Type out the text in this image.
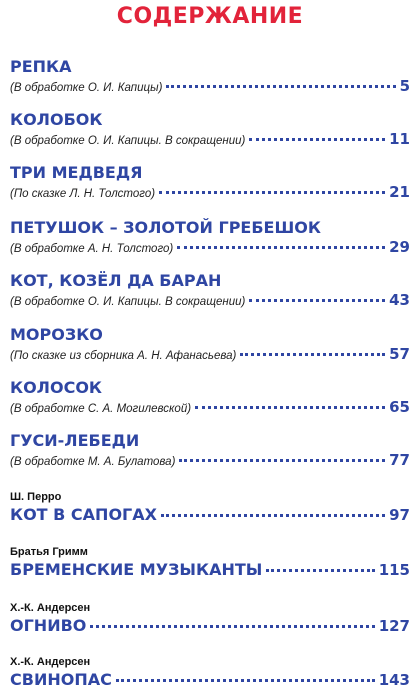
СОДЕРЖАНИЕ
РЕПКА
(В обработке О. И. Капицы)	5
КОЛОБОК
(В обработке О. И. Капицы. В сокращении)	11
ТРИ МЕДВЕДЯ
(По сказке Л. Н. Толстого)	21
ПЕТУШОК – ЗОЛОТОЙ ГРЕБЕШОК
(В обработке А. Н. Толстого)	29
КОТ, КОЗЁЛ ДА БАРАН
(В обработке О. И. Капицы. В сокращении)	43
МОРОЗКО
(По сказке из сборника А. Н. Афанасьева)	57
КОЛОСОК
(В обработке С. А. Могилевской)	65
ГУСИ-ЛЕБЕДИ
(В обработке М. А. Булатова)	77
Ш. Перро
КОТ В САПОГАХ	97
Братья Гримм
БРЕМЕНСКИЕ МУЗЫКАНТЫ	115
Х.-К. Андерсен
ОГНИВО	127
Х.-К. Андерсен
СВИНОПАС	143
